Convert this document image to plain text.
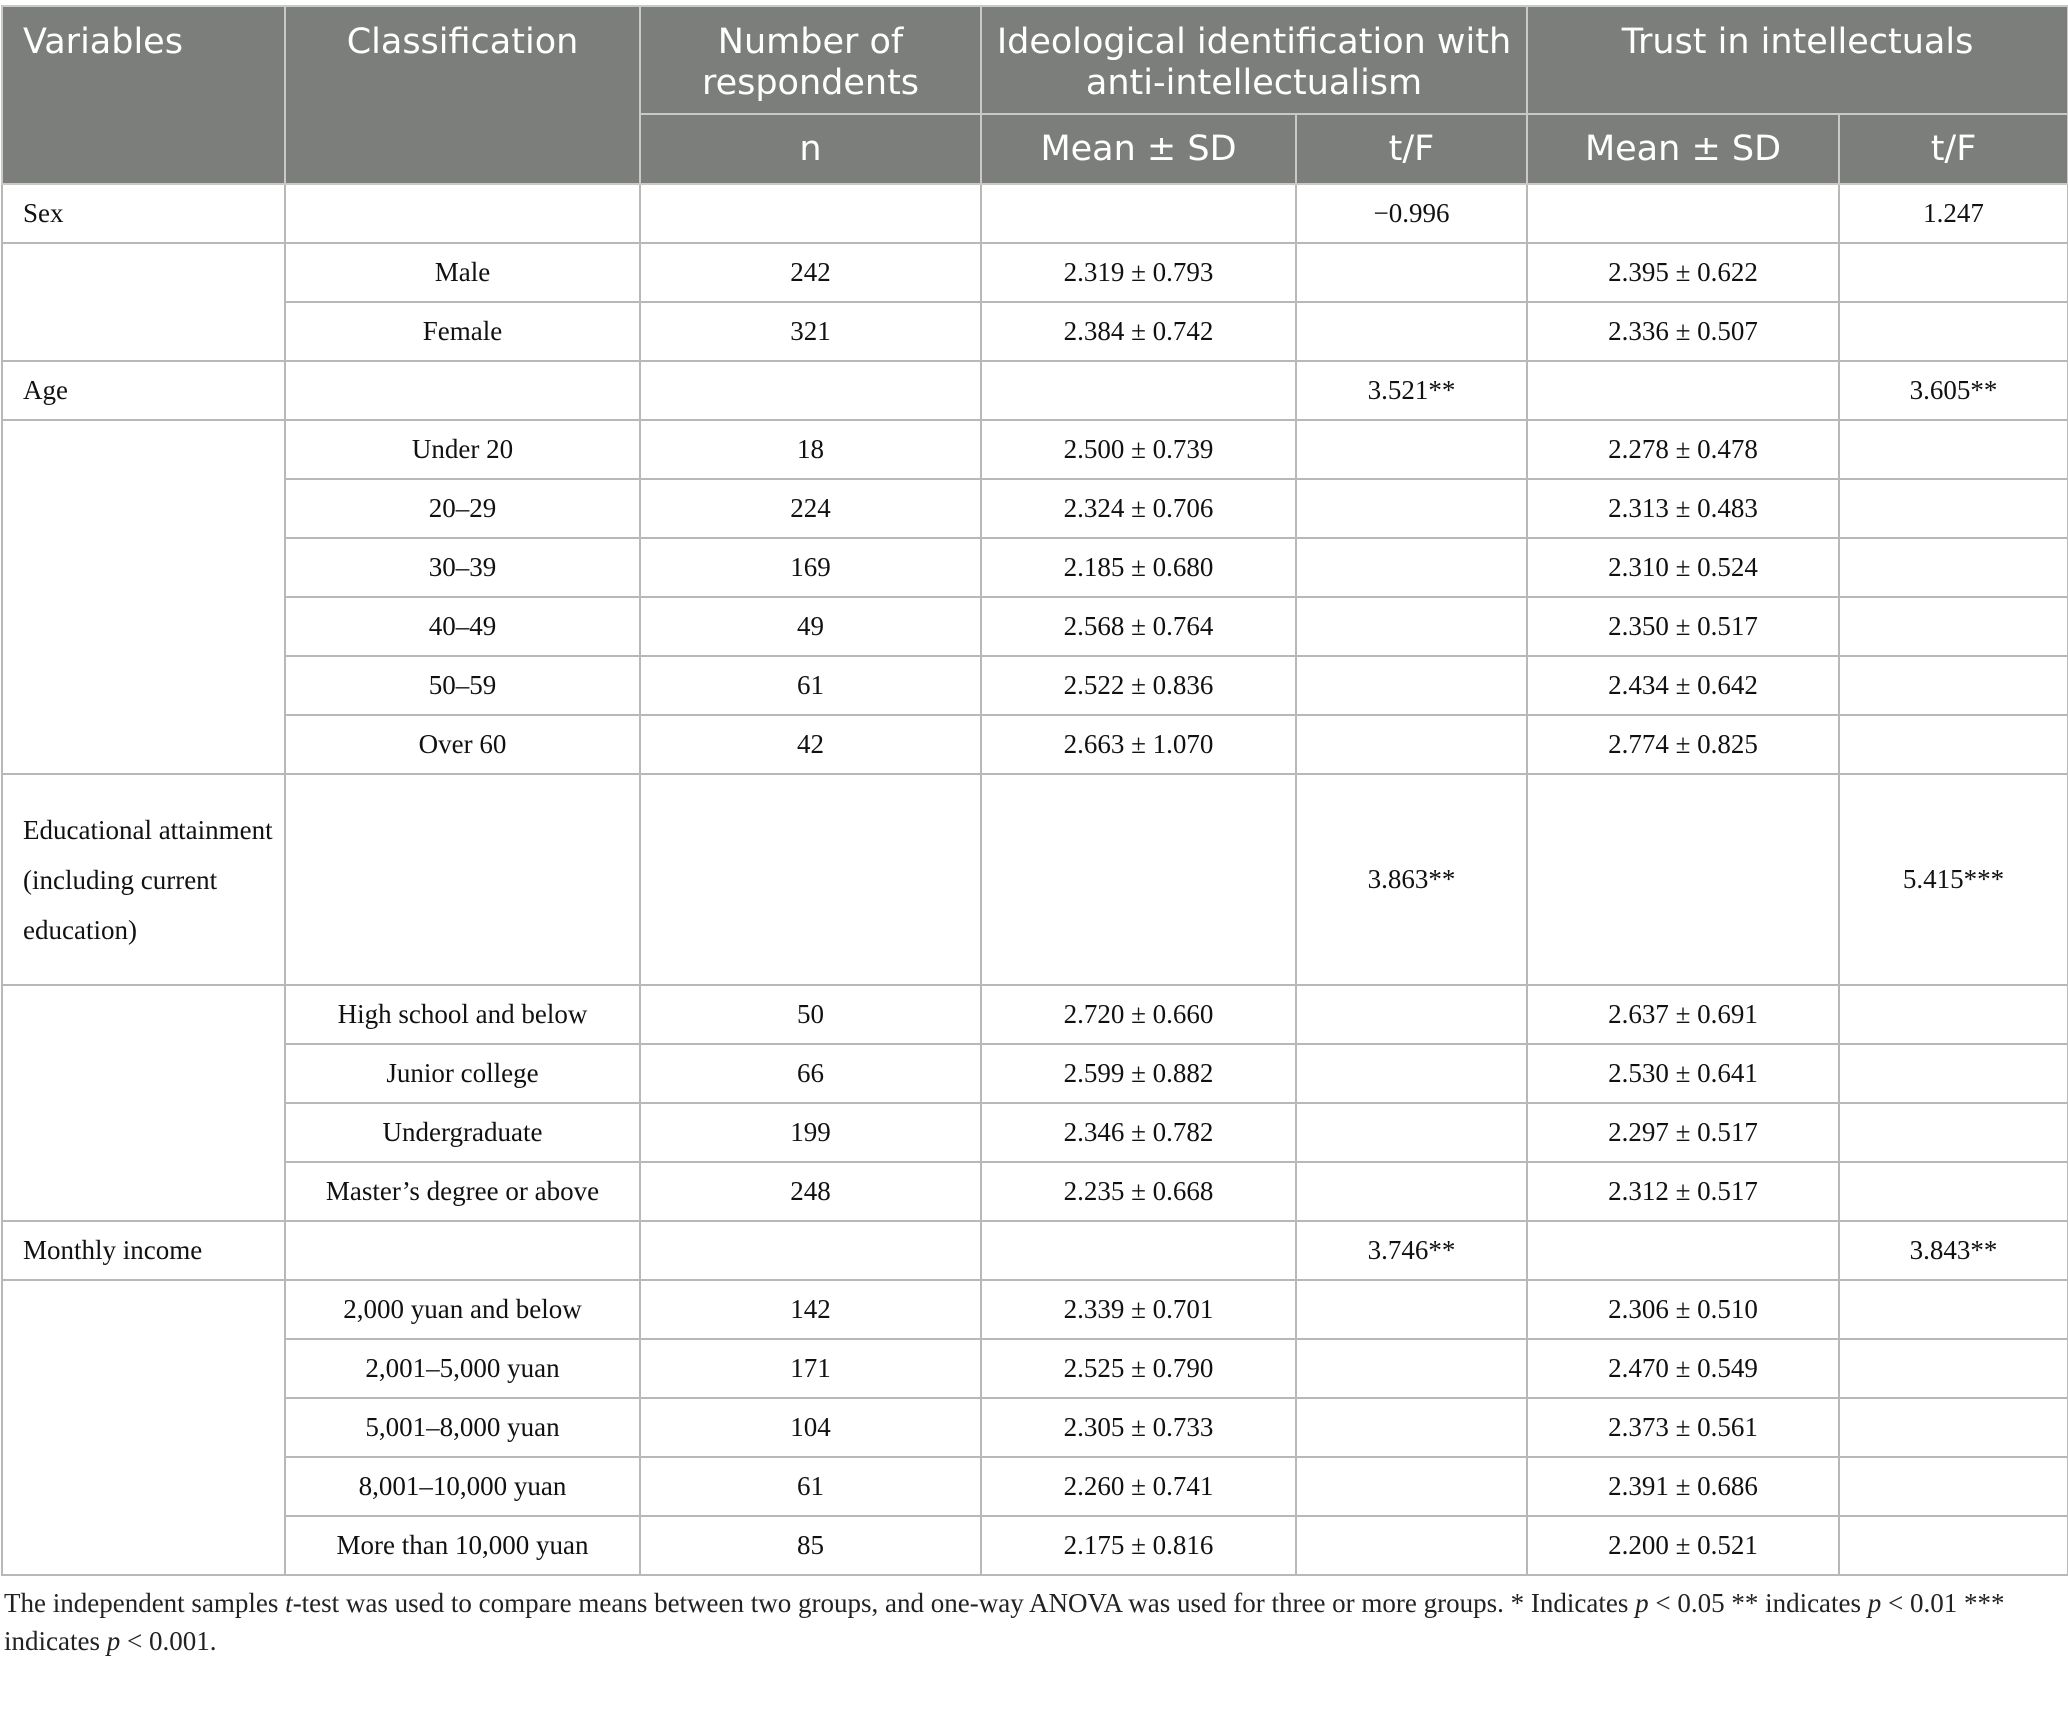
Variables	Classification	Number of respondents	Ideological identification with anti-intellectualism		Trust in intellectuals	
		n	Mean ± SD	t/F	Mean ± SD	t/F
Sex				−0.996		1.247
	Male	242	2.319 ± 0.793		2.395 ± 0.622	
	Female	321	2.384 ± 0.742		2.336 ± 0.507	
Age				3.521**		3.605**
	Under 20	18	2.500 ± 0.739		2.278 ± 0.478	
	20–29	224	2.324 ± 0.706		2.313 ± 0.483	
	30–39	169	2.185 ± 0.680		2.310 ± 0.524	
	40–49	49	2.568 ± 0.764		2.350 ± 0.517	
	50–59	61	2.522 ± 0.836		2.434 ± 0.642	
	Over 60	42	2.663 ± 1.070		2.774 ± 0.825	
Educational attainment (including current education)				3.863**		5.415***
	High school and below	50	2.720 ± 0.660		2.637 ± 0.691	
	Junior college	66	2.599 ± 0.882		2.530 ± 0.641	
	Undergraduate	199	2.346 ± 0.782		2.297 ± 0.517	
	Master’s degree or above	248	2.235 ± 0.668		2.312 ± 0.517	
Monthly income				3.746**		3.843**
	2,000 yuan and below	142	2.339 ± 0.701		2.306 ± 0.510	
	2,001–5,000 yuan	171	2.525 ± 0.790		2.470 ± 0.549	
	5,001–8,000 yuan	104	2.305 ± 0.733		2.373 ± 0.561	
	8,001–10,000 yuan	61	2.260 ± 0.741		2.391 ± 0.686	
	More than 10,000 yuan	85	2.175 ± 0.816		2.200 ± 0.521	

The independent samples t-test was used to compare means between two groups, and one-way ANOVA was used for three or more groups. * Indicates p < 0.05 ** indicates p < 0.01 *** indicates p < 0.001.
